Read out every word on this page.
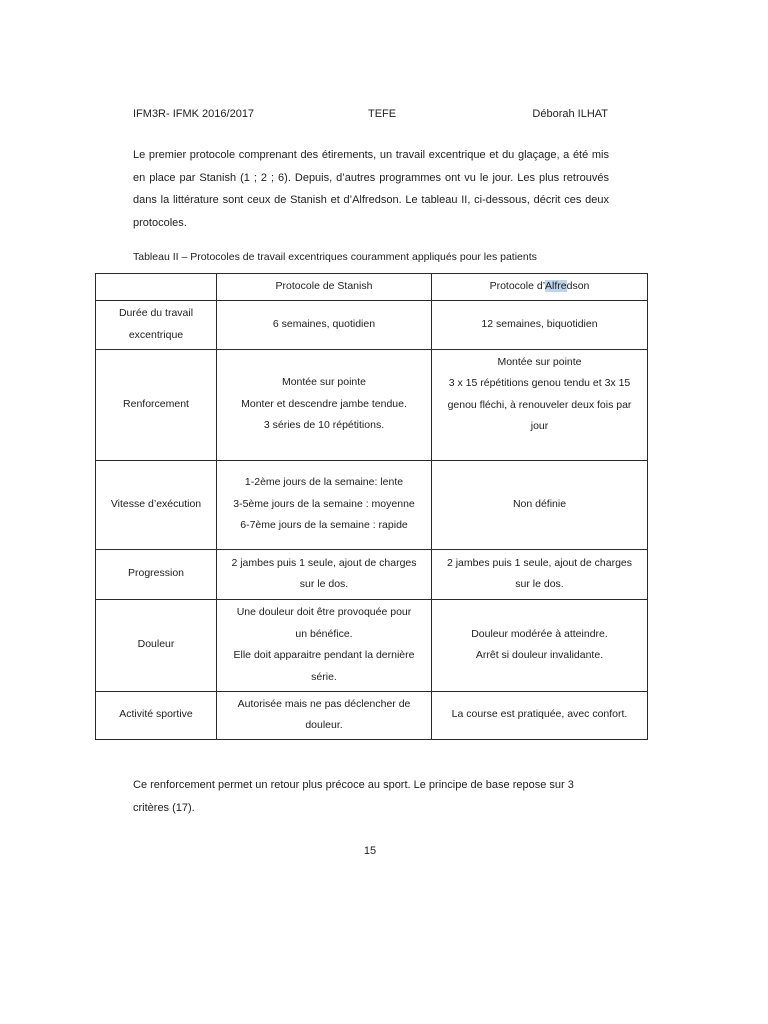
IFM3R- IFMK 2016/2017	TEFE	Déborah ILHAT

Le premier protocole comprenant des étirements, un travail excentrique et du glaçage, a été mis en place par Stanish (1 ; 2 ; 6). Depuis, d’autres programmes ont vu le jour. Les plus retrouvés dans la littérature sont ceux de Stanish et d’Alfredson. Le tableau II, ci-dessous, décrit ces deux protocoles.

Tableau II – Protocoles de travail excentriques couramment appliqués pour les patients

	Protocole de Stanish	Protocole d’Alfredson

Durée du travail
excentrique	6 semaines, quotidien	12 semaines, biquotidien

Renforcement	Montée sur pointe
Monter et descendre jambe tendue.
3 séries de 10 répétitions.	Montée sur pointe
3 x 15 répétitions genou tendu et 3x 15
genou fléchi, à renouveler deux fois par
jour

Vitesse d’exécution	1-2ème jours de la semaine: lente
3-5ème jours de la semaine : moyenne
6-7ème jours de la semaine : rapide	Non définie

Progression	2 jambes puis 1 seule, ajout de charges
sur le dos.	2 jambes puis 1 seule, ajout de charges
sur le dos.

Douleur	Une douleur doit être provoquée pour
un bénéfice.
Elle doit apparaitre pendant la dernière
série.	Douleur modérée à atteindre.
Arrêt si douleur invalidante.

Activité sportive	Autorisée mais ne pas déclencher de
douleur.	La course est pratiquée, avec confort.

Ce renforcement permet un retour plus précoce au sport. Le principe de base repose sur 3 critères (17).

15
